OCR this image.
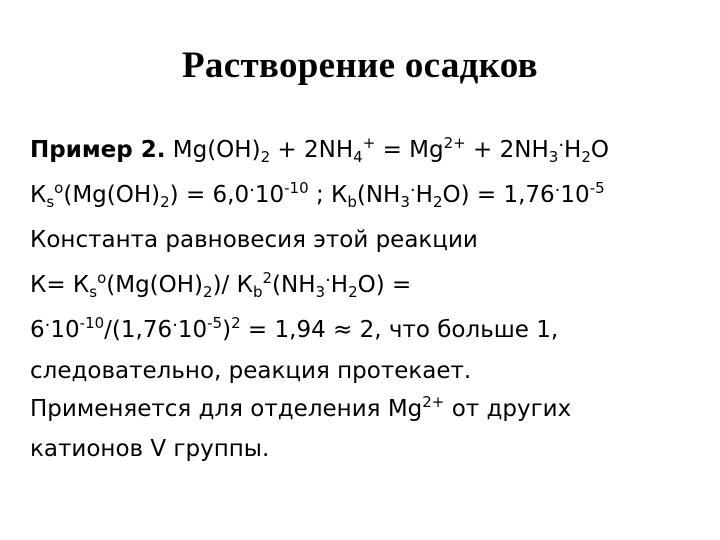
Растворение осадков
Пример 2. $Mg(OH)_2 + 2NH_4^+ = Mg^{2+} + 2NH_3^\cdot H_2O$
$К_s^o(Mg(OH)_2) = 6,0^\cdot 10^{-10}$ ; $К_b(NH_3^\cdot H_2O) = 1,76^\cdot 10^{-5}$
Константа равновесия этой реакции
$К= К_s^o(Mg(OH)_2)/$ $К_b^2(NH_3^\cdot H_2O)$ =
$6^\cdot 10^{-10}/(1,76^\cdot 10^{-5})^2 = 1,94 \approx 2$, что больше 1,
следовательно, реакция протекает.
Применяется для отделения $Mg^{2+}$ от других
катионов V группы.
